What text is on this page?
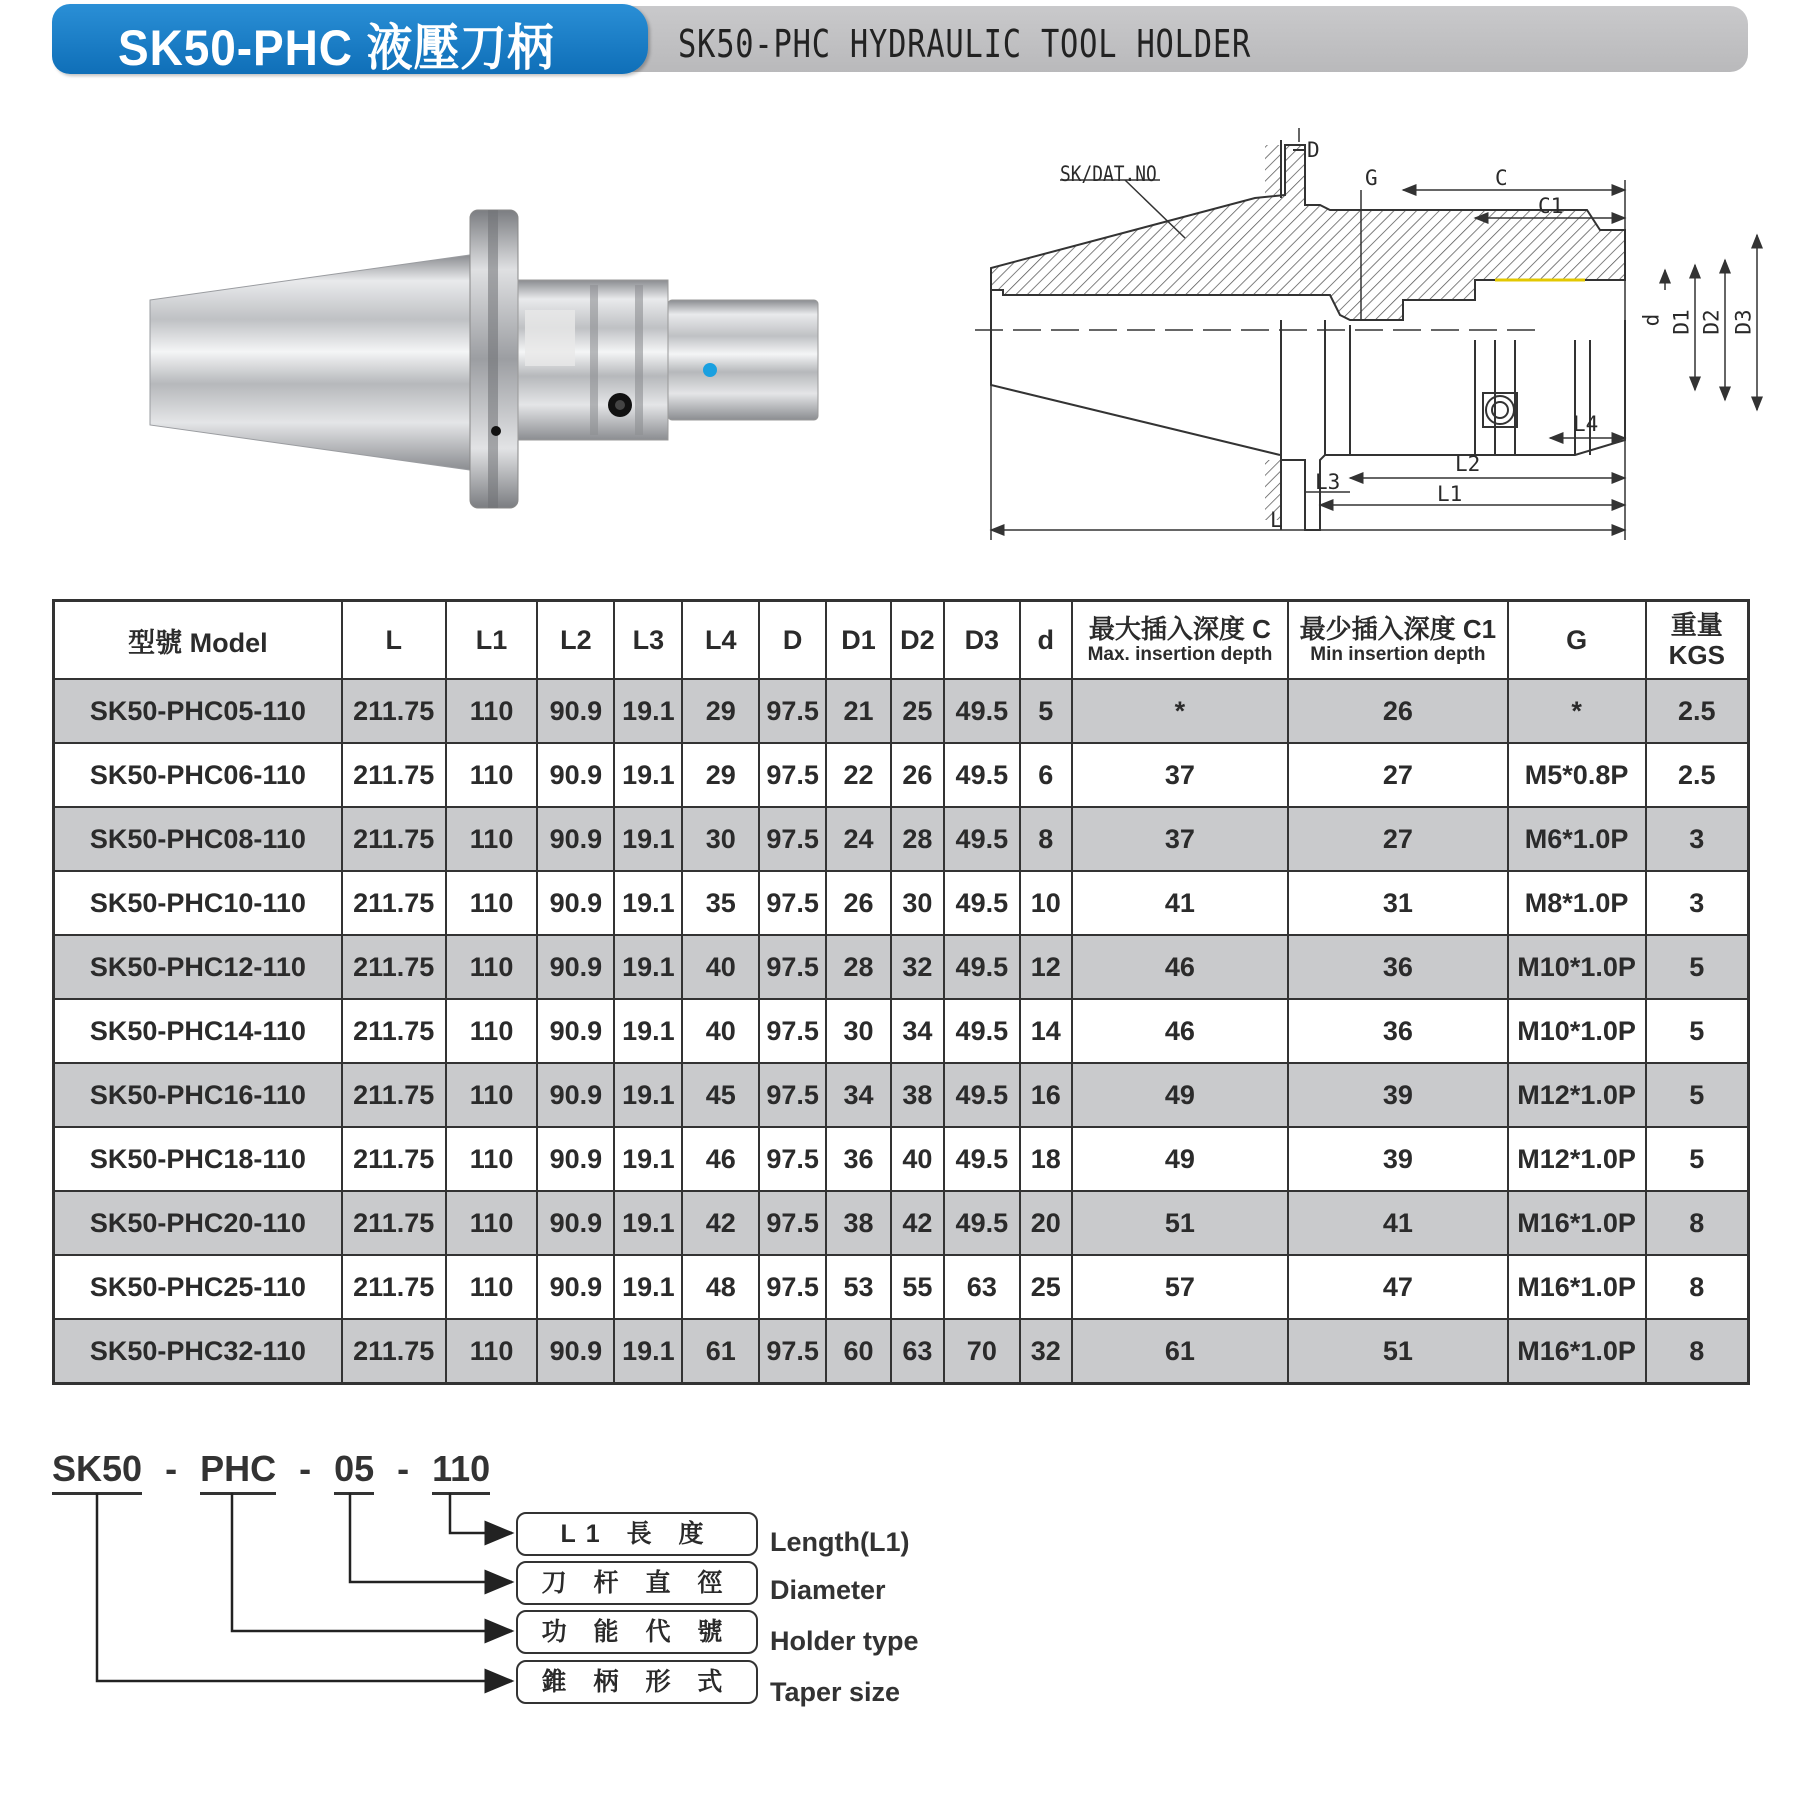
SK50-PHC 液壓刀柄	SK50-PHC HYDRAULIC TOOL HOLDER
SK/DAT.NO
D
G	C
C1
d D1 D2 D3
L4
L2
L3	L1
L
型號 Model	L	L1	L2	L3	L4	D	D1	D2	D3	d	最大插入深度 C
Max. insertion depth	最少插入深度 C1
Min insertion depth	G	重量
KGS

SK50-PHC05-110	211.75	110	90.9	19.1	29	97.5	21	25	49.5	5	*	26	*	2.5
SK50-PHC06-110	211.75	110	90.9	19.1	29	97.5	22	26	49.5	6	37	27	M5*0.8P	2.5
SK50-PHC08-110	211.75	110	90.9	19.1	30	97.5	24	28	49.5	8	37	27	M6*1.0P	3
SK50-PHC10-110	211.75	110	90.9	19.1	35	97.5	26	30	49.5	10	41	31	M8*1.0P	3
SK50-PHC12-110	211.75	110	90.9	19.1	40	97.5	28	32	49.5	12	46	36	M10*1.0P	5
SK50-PHC14-110	211.75	110	90.9	19.1	40	97.5	30	34	49.5	14	46	36	M10*1.0P	5
SK50-PHC16-110	211.75	110	90.9	19.1	45	97.5	34	38	49.5	16	49	39	M12*1.0P	5
SK50-PHC18-110	211.75	110	90.9	19.1	46	97.5	36	40	49.5	18	49	39	M12*1.0P	5
SK50-PHC20-110	211.75	110	90.9	19.1	42	97.5	38	42	49.5	20	51	41	M16*1.0P	8
SK50-PHC25-110	211.75	110	90.9	19.1	48	97.5	53	55	63	25	57	47	M16*1.0P	8
SK50-PHC32-110	211.75	110	90.9	19.1	61	97.5	60	63	70	32	61	51	M16*1.0P	8
SK50 - PHC - 05 - 110
L1 長 度	Length(L1)
刀 杆 直 徑	Diameter
功 能 代 號	Holder type
錐 柄 形 式	Taper size
